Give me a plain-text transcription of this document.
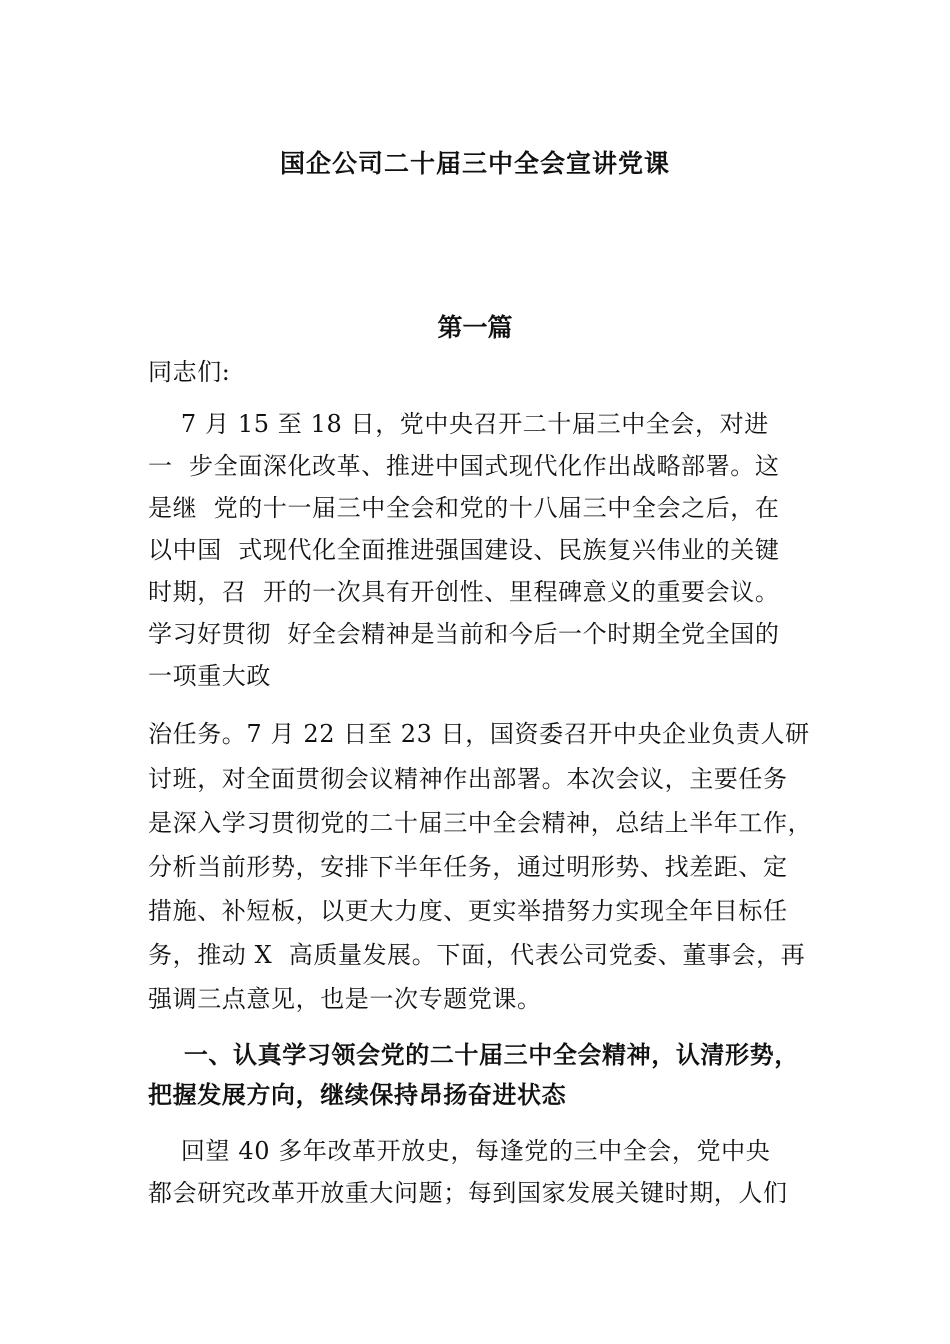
国企公司二十届三中全会宣讲党课
第一篇
同志们:
7 月 15 至 18 日，党中央召开二十届三中全会，对进
一  步全面深化改革、推进中国式现代化作出战略部署。这
是继  党的十一届三中全会和党的十八届三中全会之后，在
以中国  式现代化全面推进强国建设、民族复兴伟业的关键
时期，召  开的一次具有开创性、里程碑意义的重要会议。
学习好贯彻  好全会精神是当前和今后一个时期全党全国的
一项重大政
治任务。7 月 22 日至 23 日，国资委召开中央企业负责人研
讨班，对全面贯彻会议精神作出部署。本次会议，主要任务
是深入学习贯彻党的二十届三中全会精神，总结上半年工作，
分析当前形势，安排下半年任务，通过明形势、找差距、定
措施、补短板，以更大力度、更实举措努力实现全年目标任
务，推动 X  高质量发展。下面，代表公司党委、董事会，再
强调三点意见，也是一次专题党课。
一、认真学习领会党的二十届三中全会精神，认清形势，
把握发展方向，继续保持昂扬奋进状态
回望 40 多年改革开放史，每逢党的三中全会，党中央
都会研究改革开放重大问题；每到国家发展关键时期，人们
